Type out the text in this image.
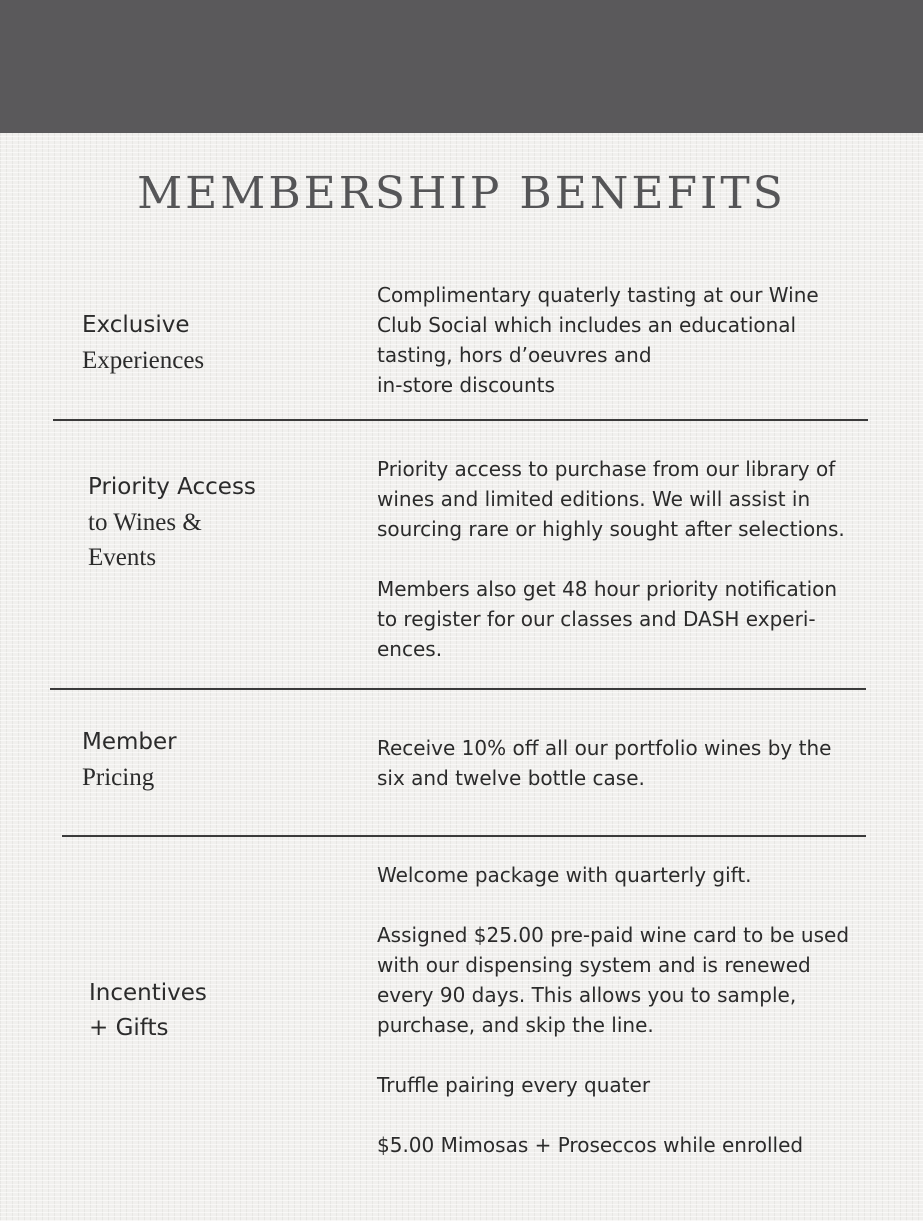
MEMBERSHIP BENEFITS
Exclusive
Experiences

Complimentary quaterly tasting at our Wine
Club Social which includes an educational
tasting, hors d’oeuvres and
in-store discounts

Priority Access
to Wines &
Events

Priority access to purchase from our library of
wines and limited editions. We will assist in
sourcing rare or highly sought after selections.

Members also get 48 hour priority notification
to register for our classes and DASH experi-
ences.

Member
Pricing

Receive 10% off all our portfolio wines by the
six and twelve bottle case.

Incentives
+ Gifts

Welcome package with quarterly gift.

Assigned $25.00 pre-paid wine card to be used
with our dispensing system and is renewed
every 90 days. This allows you to sample,
purchase, and skip the line.

Truffle pairing every quater

$5.00 Mimosas + Proseccos while enrolled
